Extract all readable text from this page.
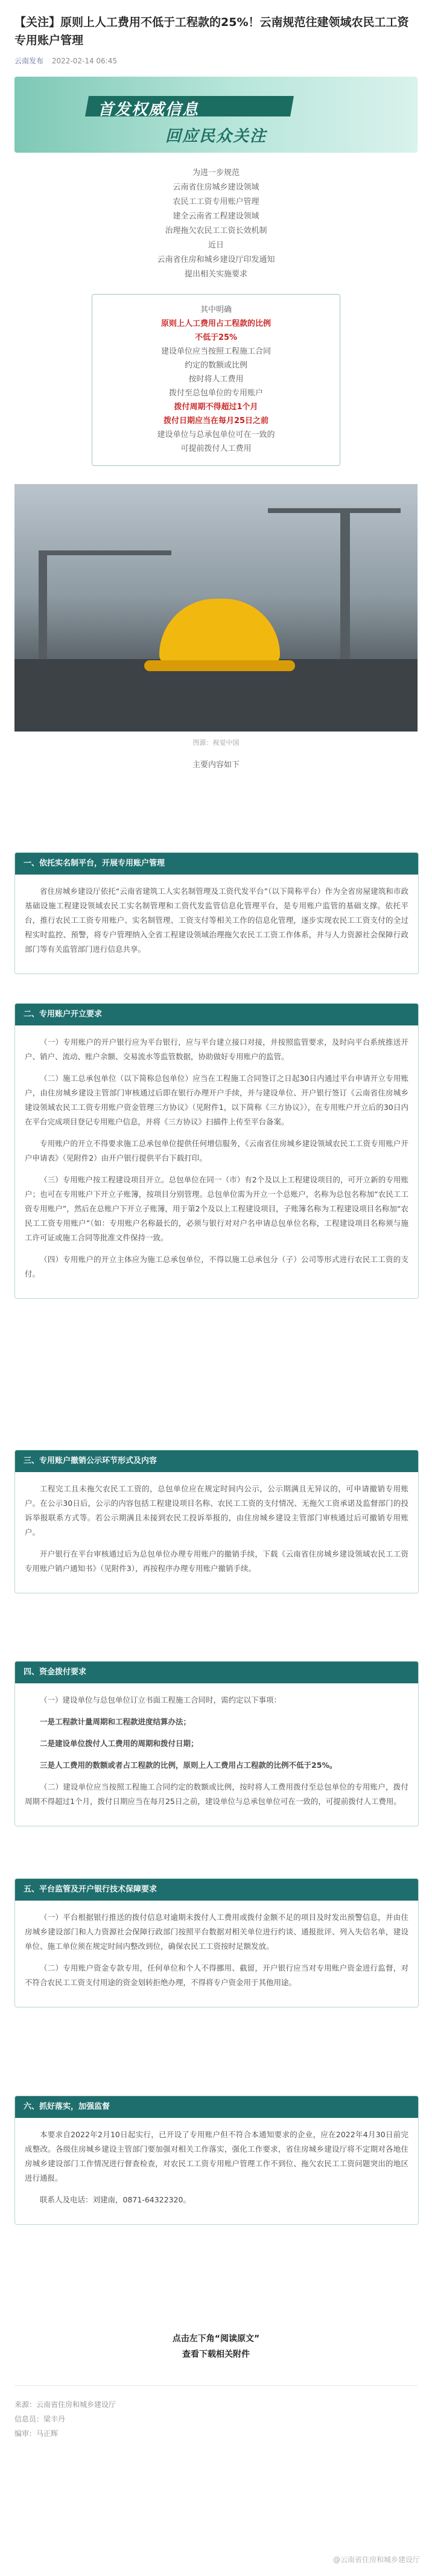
【关注】原则上人工费用不低于工程款的25%！云南规范往建领域农民工工资专用账户管理
云南发布 2022-02-14 06:45
首发权威信息
回应民众关注
为进一步规范
云南省住房城乡建设领域
农民工工资专用账户管理
建全云南省工程建设领域
治理拖欠农民工工资长效机制
近日
云南省住房和城乡建设厅印发通知
提出相关实施要求
其中明确
原则上人工费用占工程款的比例
不低于25%
建设单位应当按照工程施工合同
约定的数额或比例
按时将人工费用
拨付至总包单位的专用账户
拨付周期不得超过1个月
拨付日期应当在每月25日之前
建设单位与总承包单位可在一致的
可提前拨付人工费用
图源：视觉中国
主要内容如下
一、依托实名制平台，开展专用账户管理

省住房城乡建设厅依托“云南省建筑工人实名制管理及工资代发平台”（以下简称平台）作为全省房屋建筑和市政基础设施工程建设领域农民工实名制管理和工资代发监管信息化管理平台，是专用账户监管的基础支撑。依托平台，推行农民工工资专用账户、实名制管理、工资支付等相关工作的信息化管理，逐步实现农民工工资支付的全过程实时监控、预警，将专户管理纳入全省工程建设领域治理拖欠农民工工资工作体系，并与人力资源社会保障行政部门等有关监管部门进行信息共享。

二、专用账户开立要求

（一）专用账户的开户银行应为平台银行，应与平台建立接口对接，并按照监管要求，及时向平台系统推送开户、销户、流动、账户余额、交易流水等监管数据，协助做好专用账户的监管。

（二）施工总承包单位（以下简称总包单位）应当在工程施工合同签订之日起30日内通过平台申请开立专用账户，由住房城乡建设主管部门审核通过后即在银行办理开户手续，并与建设单位、开户银行签订《云南省住房城乡建设领域农民工工资专用账户资金管理三方协议》（见附件1，以下简称《三方协议》），在专用账户开立后的30日内在平台完成项目登记专用账户信息，并将《三方协议》扫描件上传至平台备案。

专用账户的开立不得要求施工总承包单位提供任何增信服务，《云南省住房城乡建设领域农民工工资专用账户开户申请表》（见附件2）由开户银行提供平台下载打印。

（三）专用账户按工程建设项目开立。总包单位在同一（市）有2个及以上工程建设项目的，可开立新的专用账户；也可在专用账户下开立子账簿，按项目分别管理。总包单位需为开立一个总账户，名称为总包名称加“农民工工资专用账户”，然后在总账户下开立子账簿，用于第2个及以上工程建设项目，子账簿名称为工程建设项目名称加“农民工工资专用账户”（如：专用账户名称最长的，必须与银行对对户名申请总包单位名称，工程建设项目名称须与施工许可证或施工合同等批准文件保持一致。

（四）专用账户的开立主体应为施工总承包单位，不得以施工总承包分（子）公司等形式进行农民工工资的支付。

三、专用账户撤销公示环节形式及内容

工程完工且未拖欠农民工工资的，总包单位应在规定时间内公示，公示期满且无异议的，可申请撤销专用账户。在公示30日后，公示的内容包括工程建设项目名称、农民工工资的支付情况、无拖欠工资承诺及监督部门的投诉举报联系方式等。若公示期满且未接到农民工投诉举报的，由住房城乡建设主管部门审核通过后可撤销专用账户。

开户银行在平台审核通过后为总包单位办理专用账户的撤销手续，下载《云南省住房城乡建设领域农民工工资专用账户销户通知书》（见附件3），再按程序办理专用账户撤销手续。

四、资金拨付要求

（一）建设单位与总包单位订立书面工程施工合同时，需约定以下事项：

一是工程款计量周期和工程款进度结算办法；

二是建设单位拨付人工费用的周期和拨付日期；

三是人工费用的数额或者占工程款的比例，原则上人工费用占工程款的比例不低于25%。

（二）建设单位应当按照工程施工合同约定的数额或比例，按时将人工费用拨付至总包单位的专用账户，拨付周期不得超过1个月，拨付日期应当在每月25日之前，建设单位与总承包单位可在一致的，可提前拨付人工费用。

五、平台监管及开户银行技术保障要求

（一）平台根据银行推送的拨付信息对逾期未拨付人工费用或拨付金额不足的项目及时发出预警信息，并由住房城乡建设部门和人力资源社会保障行政部门按照平台数据对相关单位进行约谈、通报批评、列入失信名单，建设单位、施工单位须在规定时间内整改到位，确保农民工工资按时足额发放。

（二）专用账户资金专款专用，任何单位和个人不得挪用、截留，开户银行应当对专用账户资金进行监督，对不符合农民工工资支付用途的资金划转拒绝办理，不得将专户资金用于其他用途。

六、抓好落实，加强监督

本要求自2022年2月10日起实行，已开设了专用账户但不符合本通知要求的企业，应在2022年4月30日前完成整改。各级住房城乡建设主管部门要加强对相关工作落实，强化工作要求，省住房城乡建设厅将不定期对各地住房城乡建设部门工作情况进行督查检查，对农民工工资专用账户管理工作不到位、拖欠农民工工资问题突出的地区进行通报。

联系人及电话：刘建南，0871-64322320。

点击左下角“阅读原文”
查看下载相关附件
来源：云南省住房和城乡建设厅
信息员：梁丰丹
编审：马正辉
@云南省住房和城乡建设厅
